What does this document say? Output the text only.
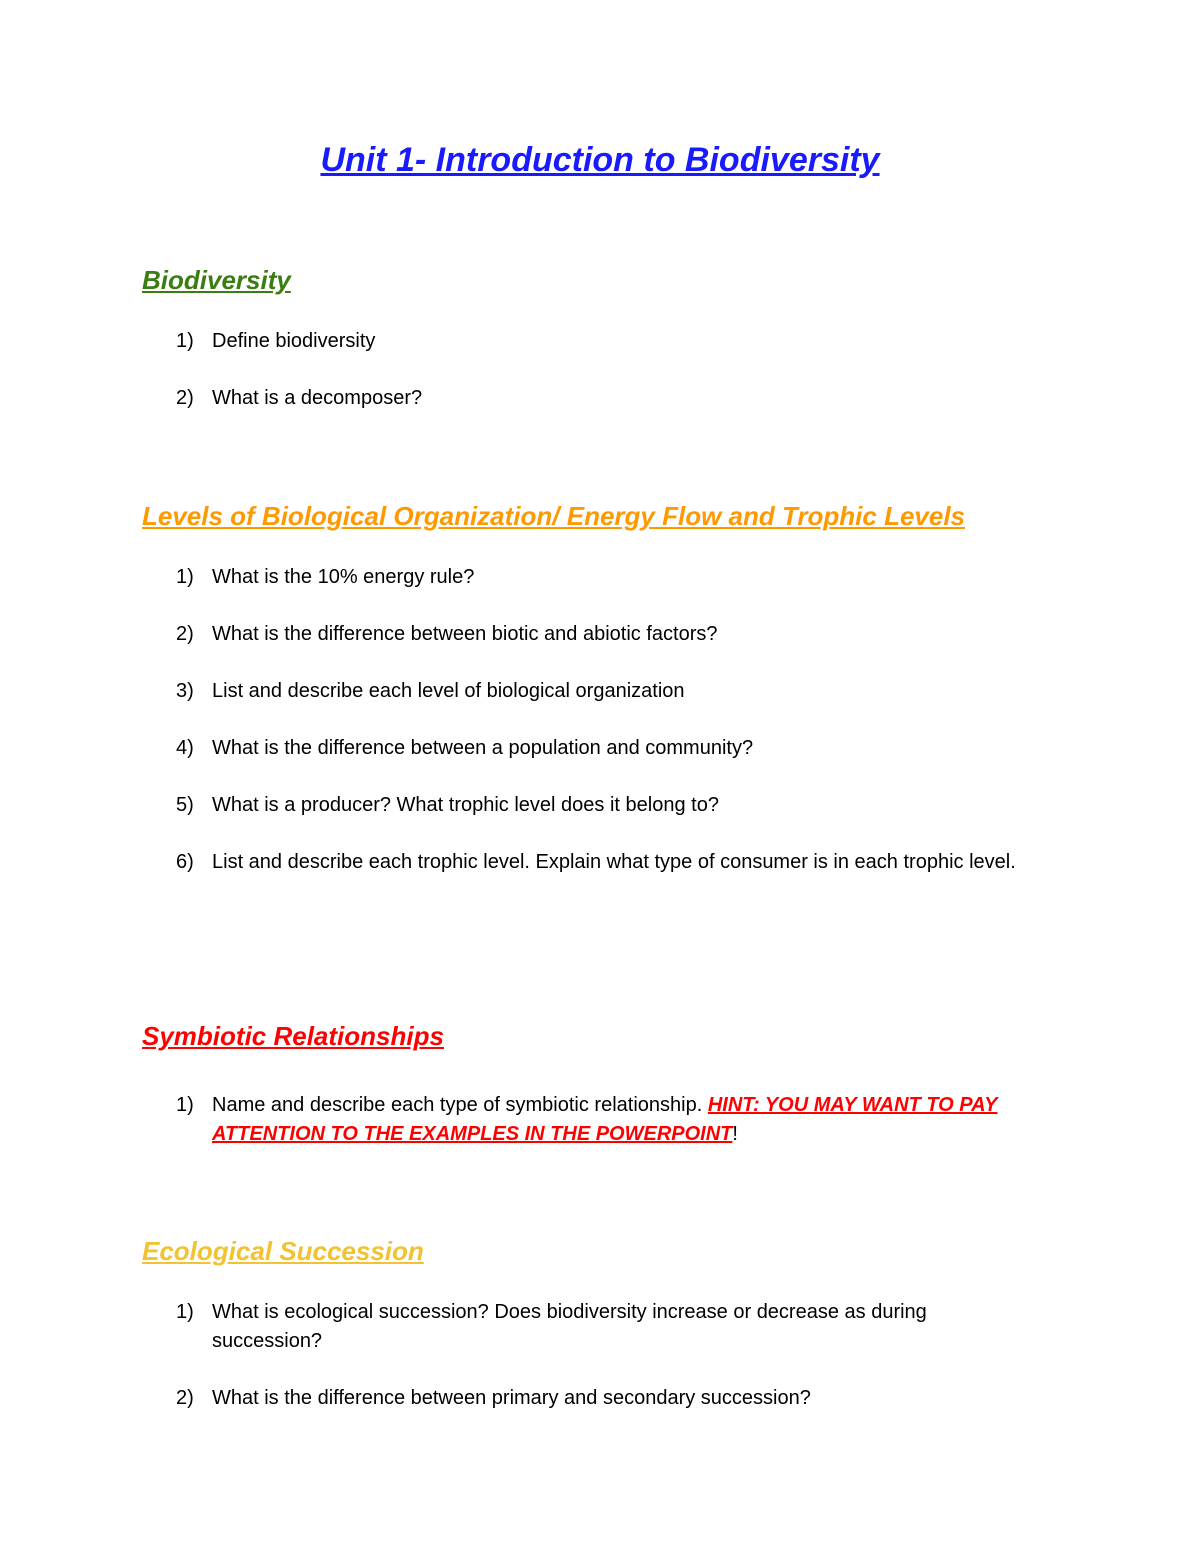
Unit 1- Introduction to Biodiversity
Biodiversity
1) Define biodiversity
2) What is a decomposer?
Levels of Biological Organization/ Energy Flow and Trophic Levels
1) What is the 10% energy rule?
2) What is the difference between biotic and abiotic factors?
3) List and describe each level of biological organization
4) What is the difference between a population and community?
5) What is a producer? What trophic level does it belong to?
6) List and describe each trophic level. Explain what type of consumer is in each trophic level.
Symbiotic Relationships
1) Name and describe each type of symbiotic relationship. HINT: YOU MAY WANT TO PAY ATTENTION TO THE EXAMPLES IN THE POWERPOINT!
Ecological Succession
1) What is ecological succession? Does biodiversity increase or decrease as during succession?
2) What is the difference between primary and secondary succession?
